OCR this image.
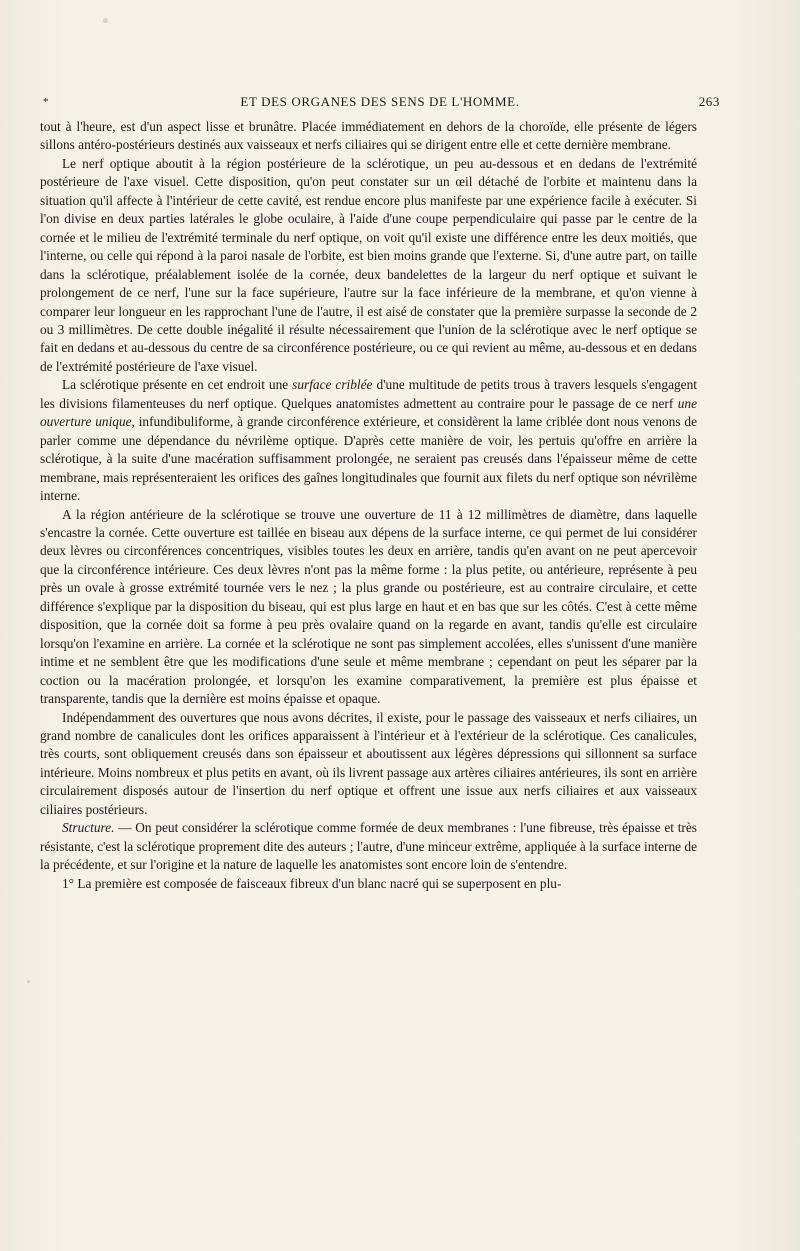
*	ET DES ORGANES DES SENS DE L'HOMME.	263

tout à l'heure, est d'un aspect lisse et brunâtre. Placée immédiatement en dehors de la choroïde, elle présente de légers sillons antéro-postérieurs destinés aux vaisseaux et nerfs ciliaires qui se dirigent entre elle et cette dernière membrane.

Le nerf optique aboutit à la région postérieure de la sclérotique, un peu au-dessous et en dedans de l'extrémité postérieure de l'axe visuel. Cette disposition, qu'on peut constater sur un œil détaché de l'orbite et maintenu dans la situation qu'il affecte à l'intérieur de cette cavité, est rendue encore plus manifeste par une expérience facile à exécuter. Si l'on divise en deux parties latérales le globe oculaire, à l'aide d'une coupe perpendiculaire qui passe par le centre de la cornée et le milieu de l'extrémité terminale du nerf optique, on voit qu'il existe une différence entre les deux moitiés, que l'interne, ou celle qui répond à la paroi nasale de l'orbite, est bien moins grande que l'externe. Si, d'une autre part, on taille dans la sclérotique, préalablement isolée de la cornée, deux bandelettes de la largeur du nerf optique et suivant le prolongement de ce nerf, l'une sur la face supérieure, l'autre sur la face inférieure de la membrane, et qu'on vienne à comparer leur longueur en les rapprochant l'une de l'autre, il est aisé de constater que la première surpasse la seconde de 2 ou 3 millimètres. De cette double inégalité il résulte nécessairement que l'union de la sclérotique avec le nerf optique se fait en dedans et au-dessous du centre de sa circonférence postérieure, ou ce qui revient au même, au-dessous et en dedans de l'extrémité postérieure de l'axe visuel.

La sclérotique présente en cet endroit une surface criblée d'une multitude de petits trous à travers lesquels s'engagent les divisions filamenteuses du nerf optique. Quelques anatomistes admettent au contraire pour le passage de ce nerf une ouverture unique, infundibuliforme, à grande circonférence extérieure, et considèrent la lame criblée dont nous venons de parler comme une dépendance du névrilème optique. D'après cette manière de voir, les pertuis qu'offre en arrière la sclérotique, à la suite d'une macération suffisamment prolongée, ne seraient pas creusés dans l'épaisseur même de cette membrane, mais représenteraient les orifices des gaînes longitudinales que fournit aux filets du nerf optique son névrilème interne.

A la région antérieure de la sclérotique se trouve une ouverture de 11 à 12 millimètres de diamètre, dans laquelle s'encastre la cornée. Cette ouverture est taillée en biseau aux dépens de la surface interne, ce qui permet de lui considérer deux lèvres ou circonférences concentriques, visibles toutes les deux en arrière, tandis qu'en avant on ne peut apercevoir que la circonférence intérieure. Ces deux lèvres n'ont pas la même forme : la plus petite, ou antérieure, représente à peu près un ovale à grosse extrémité tournée vers le nez ; la plus grande ou postérieure, est au contraire circulaire, et cette différence s'explique par la disposition du biseau, qui est plus large en haut et en bas que sur les côtés. C'est à cette même disposition, que la cornée doit sa forme à peu près ovalaire quand on la regarde en avant, tandis qu'elle est circulaire lorsqu'on l'examine en arrière. La cornée et la sclérotique ne sont pas simplement accolées, elles s'unissent d'une manière intime et ne semblent être que les modifications d'une seule et même membrane ; cependant on peut les séparer par la coction ou la macération prolongée, et lorsqu'on les examine comparativement, la première est plus épaisse et transparente, tandis que la dernière est moins épaisse et opaque.

Indépendamment des ouvertures que nous avons décrites, il existe, pour le passage des vaisseaux et nerfs ciliaires, un grand nombre de canalicules dont les orifices apparaissent à l'intérieur et à l'extérieur de la sclérotique. Ces canalicules, très courts, sont obliquement creusés dans son épaisseur et aboutissent aux légères dépressions qui sillonnent sa surface intérieure. Moins nombreux et plus petits en avant, où ils livrent passage aux artères ciliaires antérieures, ils sont en arrière circulairement disposés autour de l'insertion du nerf optique et offrent une issue aux nerfs ciliaires et aux vaisseaux ciliaires postérieurs.

Structure. — On peut considérer la sclérotique comme formée de deux membranes : l'une fibreuse, très épaisse et très résistante, c'est la sclérotique proprement dite des auteurs ; l'autre, d'une minceur extrême, appliquée à la surface interne de la précédente, et sur l'origine et la nature de laquelle les anatomistes sont encore loin de s'entendre.

1° La première est composée de faisceaux fibreux d'un blanc nacré qui se superposent en plu-
